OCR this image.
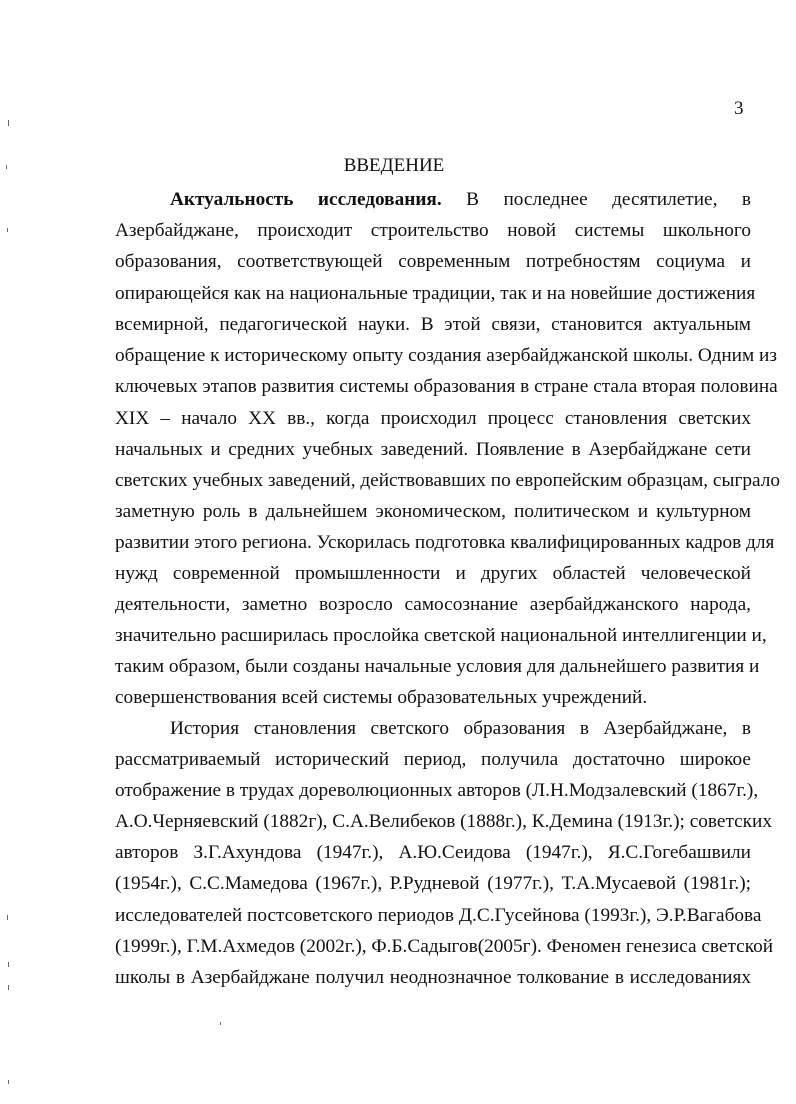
3
ВВЕДЕНИЕ
Актуальность исследования. В последнее десятилетие, в
Азербайджане, происходит строительство новой системы школьного
образования, соответствующей современным потребностям социума и
опирающейся как на национальные традиции, так и на новейшие достижения
всемирной, педагогической науки. В этой связи, становится актуальным
обращение к историческому опыту создания азербайджанской школы. Одним из
ключевых этапов развития системы образования в стране стала вторая половина
XIX – начало XX вв., когда происходил процесс становления светских
начальных и средних учебных заведений. Появление в Азербайджане сети
светских учебных заведений, действовавших по европейским образцам, сыграло
заметную роль в дальнейшем экономическом, политическом и культурном
развитии этого региона. Ускорилась подготовка квалифицированных кадров для
нужд современной промышленности и других областей человеческой
деятельности, заметно возросло самосознание азербайджанского народа,
значительно расширилась прослойка светской национальной интеллигенции и,
таким образом, были созданы начальные условия для дальнейшего развития и
совершенствования всей системы образовательных учреждений.
История становления светского образования в Азербайджане, в
рассматриваемый исторический период, получила достаточно широкое
отображение в трудах дореволюционных авторов (Л.Н.Модзалевский (1867г.),
А.О.Черняевский (1882г), С.А.Велибеков (1888г.), К.Демина (1913г.); советских
авторов З.Г.Ахундова (1947г.), А.Ю.Сеидова (1947г.), Я.С.Гогебашвили
(1954г.), С.С.Мамедова (1967г.), Р.Рудневой (1977г.), Т.А.Мусаевой (1981г.);
исследователей постсоветского периодов Д.С.Гусейнова (1993г.), Э.Р.Вагабова
(1999г.), Г.М.Ахмедов (2002г.), Ф.Б.Садыгов(2005г). Феномен генезиса светской
школы в Азербайджане получил неоднозначное толкование в исследованиях
